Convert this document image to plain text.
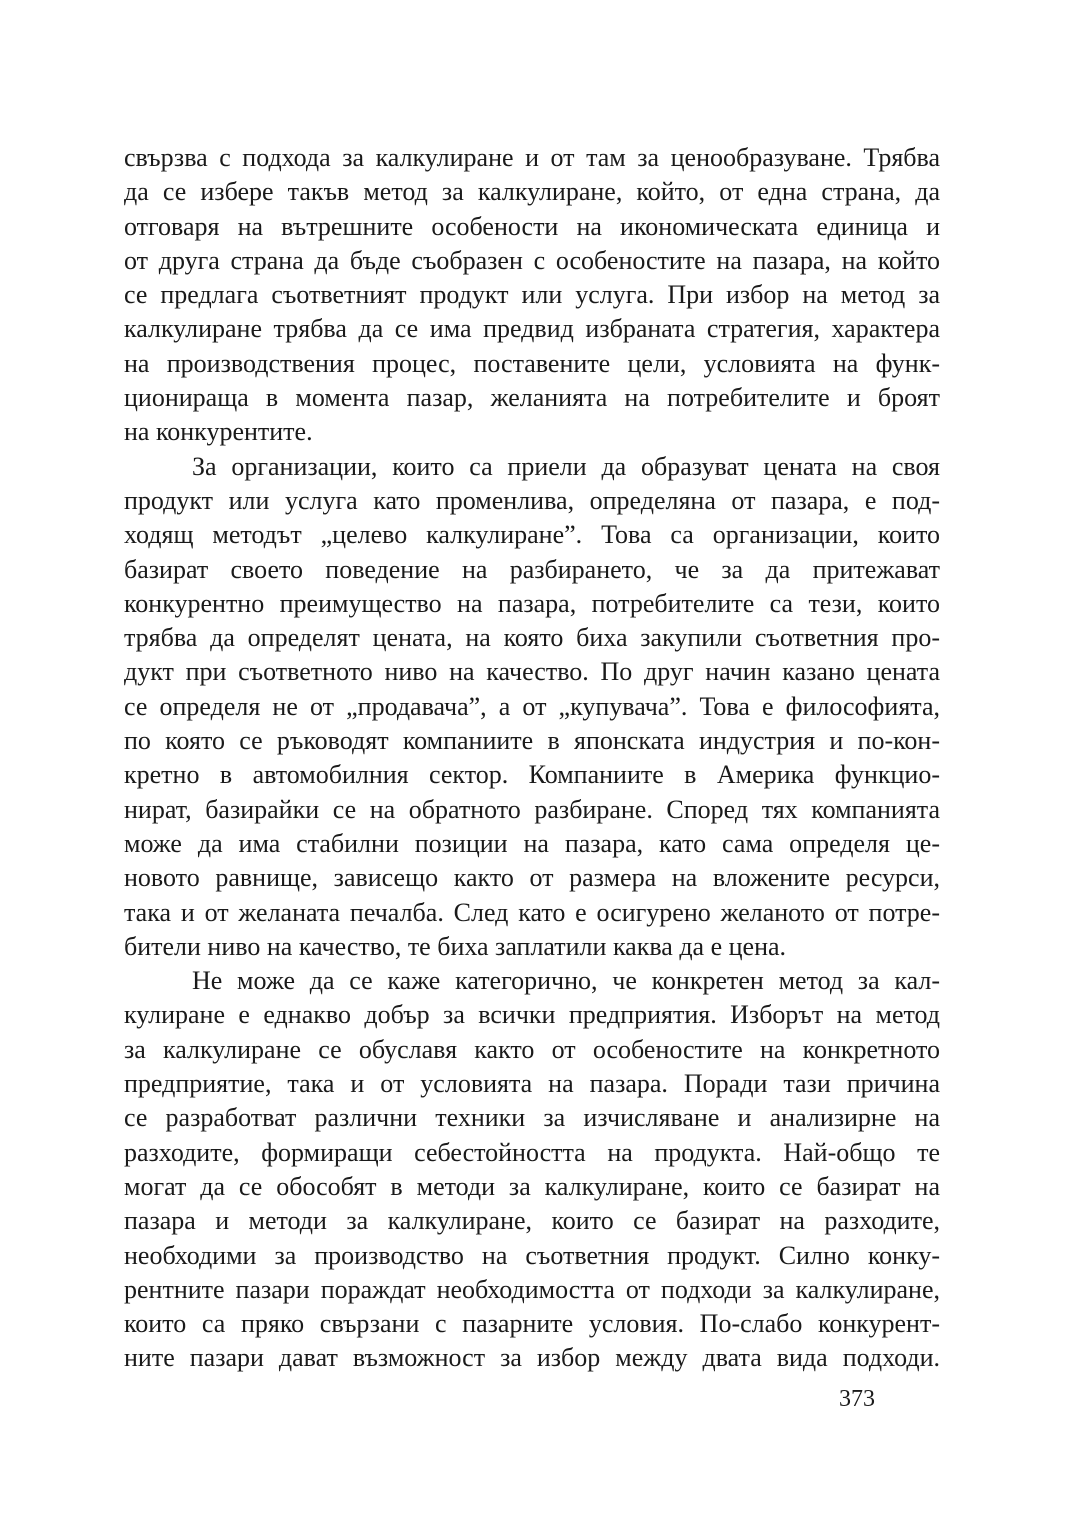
свързва с подхода за калкулиране и от там за ценообразуване. Трябва
да се избере такъв метод за калкулиране, който, от една страна, да
отговаря на вътрешните особености на икономическата единица и
от друга страна да бъде съобразен с особеностите на пазара, на който
се предлага съответният продукт или услуга. При избор на метод за
калкулиране трябва да се има предвид избраната стратегия, характера
на производствения процес, поставените цели, условията на функ-
ционираща в момента пазар, желанията на потребителите и броят
на конкурентите.
За организации, които са приели да образуват цената на своя
продукт или услуга като променлива, определяна от пазара, е под-
ходящ методът „целево калкулиране”. Това са организации, които
базират своето поведение на разбирането, че за да притежават
конкурентно преимущество на пазара, потребителите са тези, които
трябва да определят цената, на която биха закупили съответния про-
дукт при съответното ниво на качество. По друг начин казано цената
се определя не от „продавача”, а от „купувача”. Това е философията,
по която се ръководят компаниите в японската индустрия и по-кон-
кретно в автомобилния сектор. Компаниите в Америка функцио-
нират, базирайки се на обратното разбиране. Според тях компанията
може да има стабилни позиции на пазара, като сама определя це-
новото равнище, зависещо както от размера на вложените ресурси,
така и от желаната печалба. След като е осигурено желаното от потре-
бители ниво на качество, те биха заплатили каква да е цена.
Не може да се каже категорично, че конкретен метод за кал-
кулиране е еднакво добър за всички предприятия. Изборът на метод
за калкулиране се обуславя както от особеностите на конкретното
предприятие, така и от условията на пазара. Поради тази причина
се разработват различни техники за изчисляване и анализирне на
разходите, формиращи себестойността на продукта. Най-общо те
могат да се обособят в методи за калкулиране, които се базират на
пазара и методи за калкулиране, които се базират на разходите,
необходими за производство на съответния продукт. Силно конку-
рентните пазари пораждат необходимостта от подходи за калкулиране,
които са пряко свързани с пазарните условия. По-слабо конкурент-
ните пазари дават възможност за избор между двата вида подходи.
373
